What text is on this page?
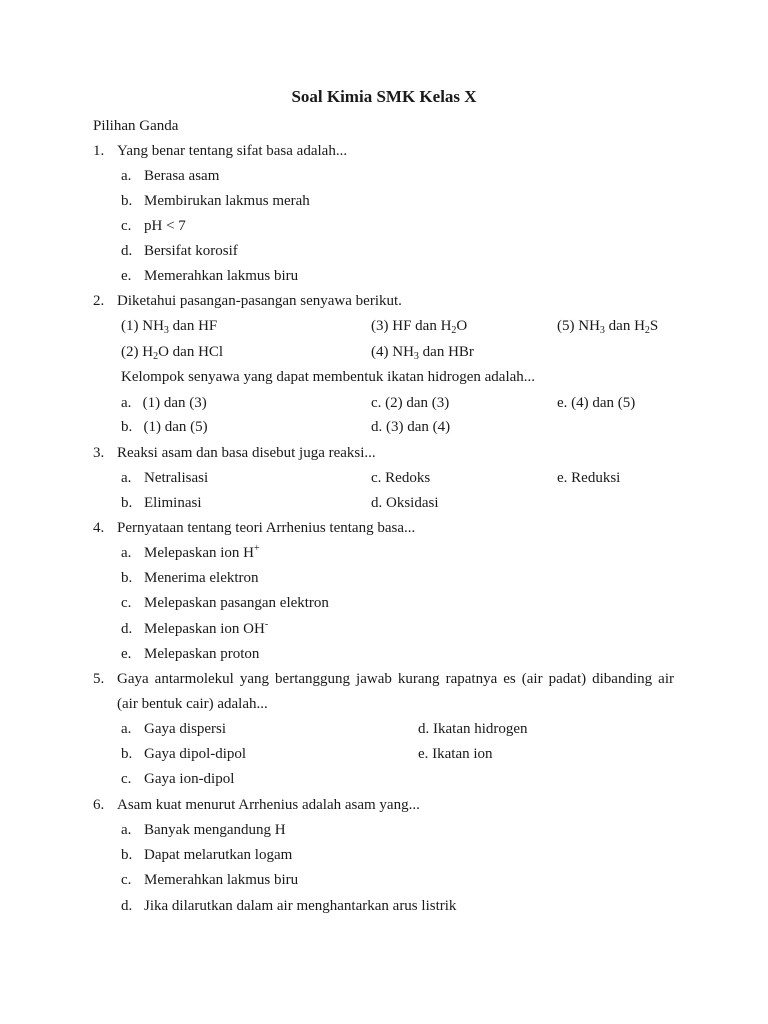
Soal Kimia SMK Kelas X
Pilihan Ganda
1. Yang benar tentang sifat basa adalah...
a. Berasa asam
b. Membirukan lakmus merah
c. pH < 7
d. Bersifat korosif
e. Memerahkan lakmus biru
2. Diketahui pasangan-pasangan senyawa berikut.
(1) $NH_3$ dan HF	(3) HF dan $H_2O$	(5) $NH_3$ dan $H_2S$
(2) $H_2O$ dan HCl	(4) $NH_3$ dan HBr
Kelompok senyawa yang dapat membentuk ikatan hidrogen adalah...
a.   (1) dan (3)	c. (2) dan (3)	e. (4) dan (5)
b.   (1) dan (5)	d. (3) dan (4)
3. Reaksi asam dan basa disebut juga reaksi...
a. Netralisasi	c. Redoks	e. Reduksi
b. Eliminasi	d. Oksidasi
4. Pernyataan tentang teori Arrhenius tentang basa...
a. Melepaskan ion H+
b. Menerima elektron
c. Melepaskan pasangan elektron
d. Melepaskan ion OH-
e. Melepaskan proton
5. Gaya antarmolekul yang bertanggung jawab kurang rapatnya es (air padat) dibanding air
(air bentuk cair) adalah...
a. Gaya dispersi	d. Ikatan hidrogen
b. Gaya dipol-dipol	e. Ikatan ion
c. Gaya ion-dipol
6. Asam kuat menurut Arrhenius adalah asam yang...
a. Banyak mengandung H
b. Dapat melarutkan logam
c. Memerahkan lakmus biru
d. Jika dilarutkan dalam air menghantarkan arus listrik
